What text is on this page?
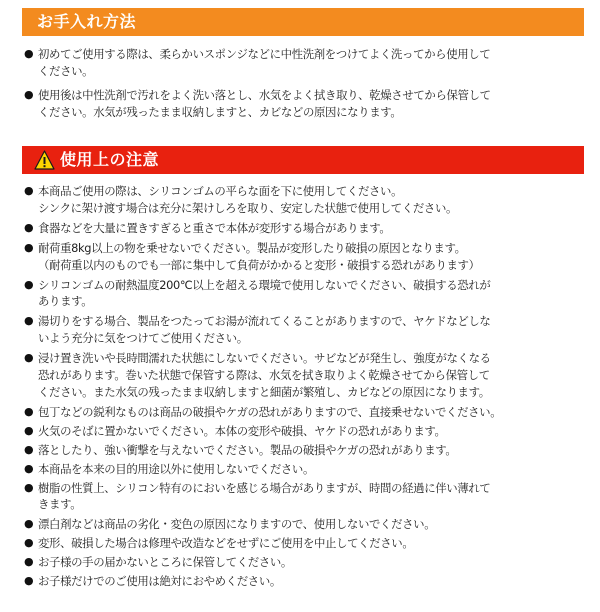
お手入れ方法
● 初めてご使用する際は、柔らかいスポンジなどに中性洗剤をつけてよく洗ってから使用して
ください。
● 使用後は中性洗剤で汚れをよく洗い落とし、水気をよく拭き取り、乾燥させてから保管して
ください。水気が残ったまま収納しますと、カビなどの原因になります。
使用上の注意
● 本商品ご使用の際は、シリコンゴムの平らな面を下に使用してください。
シンクに架け渡す場合は充分に架けしろを取り、安定した状態で使用してください。
● 食器などを大量に置きすぎると重さで本体が変形する場合があります。
● 耐荷重8kg以上の物を乗せないでください。製品が変形したり破損の原因となります。
（耐荷重以内のものでも一部に集中して負荷がかかると変形・破損する恐れがあります）
● シリコンゴムの耐熱温度200℃以上を超える環境で使用しないでください、破損する恐れが
あります。
● 湯切りをする場合、製品をつたってお湯が流れてくることがありますので、ヤケドなどしな
いよう充分に気をつけてご使用ください。
● 浸け置き洗いや長時間濡れた状態にしないでください。サビなどが発生し、強度がなくなる
恐れがあります。巻いた状態で保管する際は、水気を拭き取りよく乾燥させてから保管して
ください。また水気の残ったまま収納しますと細菌が繁殖し、カビなどの原因になります。
● 包丁などの鋭利なものは商品の破損やケガの恐れがありますので、直接乗せないでください。
● 火気のそばに置かないでください。本体の変形や破損、ヤケドの恐れがあります。
● 落としたり、強い衝撃を与えないでください。製品の破損やケガの恐れがあります。
● 本商品を本来の目的用途以外に使用しないでください。
● 樹脂の性質上、シリコン特有のにおいを感じる場合がありますが、時間の経過に伴い薄れて
きます。
● 漂白剤などは商品の劣化・変色の原因になりますので、使用しないでください。
● 変形、破損した場合は修理や改造などをせずにご使用を中止してください。
● お子様の手の届かないところに保管してください。
● お子様だけでのご使用は絶対におやめください。
